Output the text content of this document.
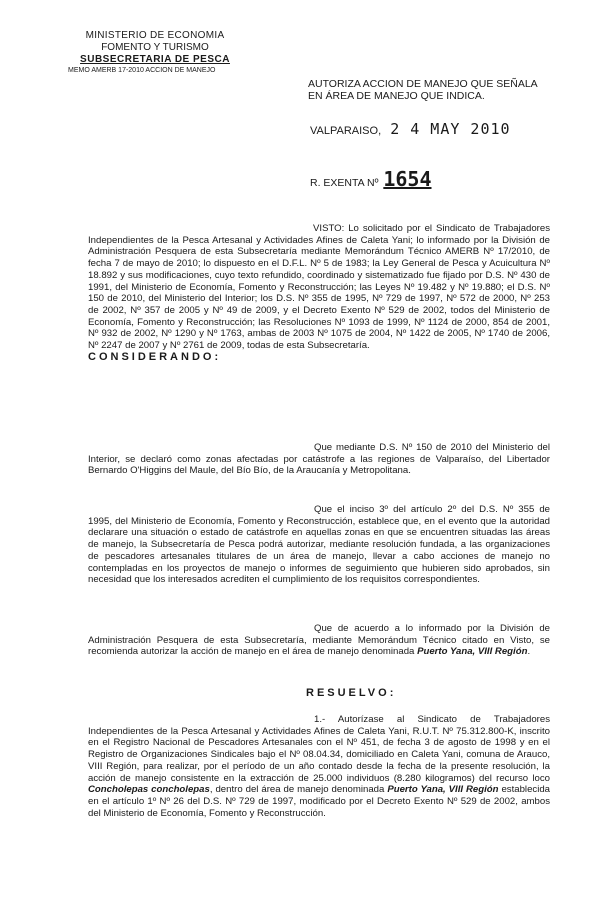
MINISTERIO DE ECONOMIA
FOMENTO Y TURISMO
SUBSECRETARIA DE PESCA
MEMO AMERB 17-2010 ACCION DE MANEJO
AUTORIZA ACCION DE MANEJO QUE SEÑALA EN ÁREA DE MANEJO QUE INDICA.
VALPARAISO, 2 4 MAY 2010
R. EXENTA Nº 1654
VISTO: Lo solicitado por el Sindicato de Trabajadores Independientes de la Pesca Artesanal y Actividades Afines de Caleta Yani; lo informado por la División de Administración Pesquera de esta Subsecretaría mediante Memorándum Técnico AMERB Nº 17/2010, de fecha 7 de mayo de 2010; lo dispuesto en el D.F.L. Nº 5 de 1983; la Ley General de Pesca y Acuicultura Nº 18.892 y sus modificaciones, cuyo texto refundido, coordinado y sistematizado fue fijado por D.S. Nº 430 de 1991, del Ministerio de Economía, Fomento y Reconstrucción; las Leyes Nº 19.482 y Nº 19.880; el D.S. Nº 150 de 2010, del Ministerio del Interior; los D.S. Nº 355 de 1995, Nº 729 de 1997, Nº 572 de 2000, Nº 253 de 2002, Nº 357 de 2005 y Nº 49 de 2009, y el Decreto Exento Nº 529 de 2002, todos del Ministerio de Economía, Fomento y Reconstrucción; las Resoluciones Nº 1093 de 1999, Nº 1124 de 2000, 854 de 2001, Nº 932 de 2002, Nº 1290 y Nº 1763, ambas de 2003 Nº 1075 de 2004, Nº 1422 de 2005, Nº 1740 de 2006, Nº 2247 de 2007 y Nº 2761 de 2009, todas de esta Subsecretaría.
CONSIDERANDO:
Que mediante D.S. Nº 150 de 2010 del Ministerio del Interior, se declaró como zonas afectadas por catástrofe a las regiones de Valparaíso, del Libertador Bernardo O'Higgins del Maule, del Bío Bío, de la Araucanía y Metropolitana.
Que el inciso 3º del artículo 2º del D.S. Nº 355 de 1995, del Ministerio de Economía, Fomento y Reconstrucción, establece que, en el evento que la autoridad declarare una situación o estado de catástrofe en aquellas zonas en que se encuentren situadas las áreas de manejo, la Subsecretaría de Pesca podrá autorizar, mediante resolución fundada, a las organizaciones de pescadores artesanales titulares de un área de manejo, llevar a cabo acciones de manejo no contempladas en los proyectos de manejo o informes de seguimiento que hubieren sido aprobados, sin necesidad que los interesados acrediten el cumplimiento de los requisitos correspondientes.
Que de acuerdo a lo informado por la División de Administración Pesquera de esta Subsecretaría, mediante Memorándum Técnico citado en Visto, se recomienda autorizar la acción de manejo en el área de manejo denominada Puerto Yana, VIII Región.
RESUELVO:
1.- Autorízase al Sindicato de Trabajadores Independientes de la Pesca Artesanal y Actividades Afines de Caleta Yani, R.U.T. Nº 75.312.800-K, inscrito en el Registro Nacional de Pescadores Artesanales con el Nº 451, de fecha 3 de agosto de 1998 y en el Registro de Organizaciones Sindicales bajo el Nº 08.04.34, domiciliado en Caleta Yani, comuna de Arauco, VIII Región, para realizar, por el período de un año contado desde la fecha de la presente resolución, la acción de manejo consistente en la extracción de 25.000 individuos (8.280 kilogramos) del recurso loco Concholepas concholepas, dentro del área de manejo denominada Puerto Yana, VIII Región establecida en el artículo 1º Nº 26 del D.S. Nº 729 de 1997, modificado por el Decreto Exento Nº 529 de 2002, ambos del Ministerio de Economía, Fomento y Reconstrucción.
